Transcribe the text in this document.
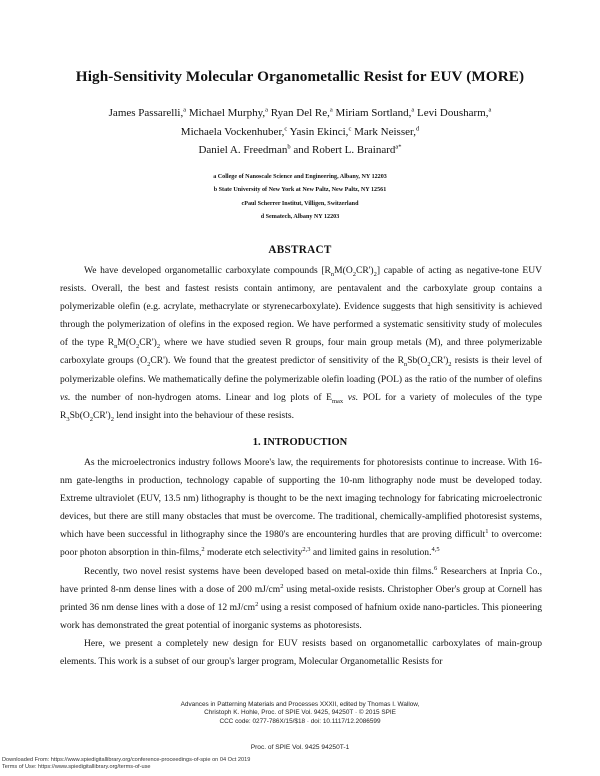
High-Sensitivity Molecular Organometallic Resist for EUV (MORE)
James Passarelli,$^a$ Michael Murphy,$^a$ Ryan Del Re,$^a$ Miriam Sortland,$^a$ Levi Dousharm,$^a$
Michaela Vockenhuber,$^c$ Yasin Ekinci,$^c$ Mark Neisser,$^d$
Daniel A. Freedman$^b$ and Robert L. Brainard$^{a*}$
a College of Nanoscale Science and Engineering, Albany, NY 12203
b State University of New York at New Paltz, New Paltz, NY 12561
cPaul Scherrer Institut, Villigen, Switzerland
d Sematech, Albany NY 12203
ABSTRACT

We have developed organometallic carboxylate compounds $[R_nM(O_2CR')_2]$ capable of acting as negative-tone EUV resists. Overall, the best and fastest resists contain antimony, are pentavalent and the carboxylate group contains a polymerizable olefin (e.g. acrylate, methacrylate or styrenecarboxylate). Evidence suggests that high sensitivity is achieved through the polymerization of olefins in the exposed region. We have performed a systematic sensitivity study of molecules of the type $R_nM(O_2CR')_2$ where we have studied seven R groups, four main group metals (M), and three polymerizable carboxylate groups $(O_2CR')$. We found that the greatest predictor of sensitivity of the $R_nSb(O_2CR')_2$ resists is their level of polymerizable olefins. We mathematically define the polymerizable olefin loading (POL) as the ratio of the number of olefins vs. the number of non-hydrogen atoms. Linear and log plots of $E_{max}$ vs. POL for a variety of molecules of the type $R_3Sb(O_2CR')_2$ lend insight into the behaviour of these resists.

1. INTRODUCTION

As the microelectronics industry follows Moore's law, the requirements for photoresists continue to increase. With 16-nm gate-lengths in production, technology capable of supporting the 10-nm lithography node must be developed today. Extreme ultraviolet (EUV, 13.5 nm) lithography is thought to be the next imaging technology for fabricating microelectronic devices, but there are still many obstacles that must be overcome. The traditional, chemically-amplified photoresist systems, which have been successful in lithography since the 1980's are encountering hurdles that are proving difficult$^1$ to overcome: poor photon absorption in thin-films,$^2$ moderate etch selectivity$^{2,3}$ and limited gains in resolution.$^{4,5}$

Recently, two novel resist systems have been developed based on metal-oxide thin films.$^6$ Researchers at Inpria Co., have printed 8-nm dense lines with a dose of 200 $mJ/cm^2$ using metal-oxide resists. Christopher Ober's group at Cornell has printed 36 nm dense lines with a dose of 12 $mJ/cm^2$ using a resist composed of hafnium oxide nano-particles. This pioneering work has demonstrated the great potential of inorganic systems as photoresists.

Here, we present a completely new design for EUV resists based on organometallic carboxylates of main-group elements. This work is a subset of our group's larger program, Molecular Organometallic Resists for

Advances in Patterning Materials and Processes XXXII, edited by Thomas I. Wallow,
Christoph K. Hohle, Proc. of SPIE Vol. 9425, 94250T · © 2015 SPIE
CCC code: 0277-786X/15/$18 · doi: 10.1117/12.2086599
Proc. of SPIE Vol. 9425 94250T-1
Downloaded From: https://www.spiedigitallibrary.org/conference-proceedings-of-spie on 04 Oct 2019
Terms of Use: https://www.spiedigitallibrary.org/terms-of-use
